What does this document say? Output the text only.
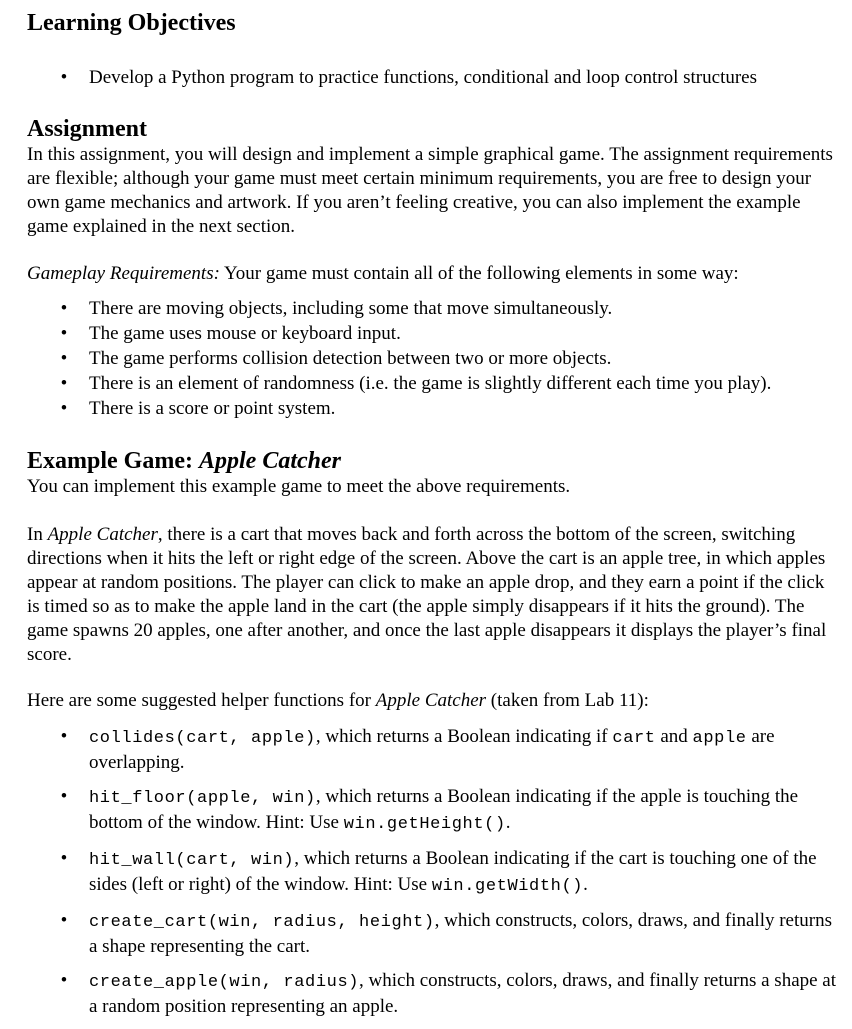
Learning Objectives
• Develop a Python program to practice functions, conditional and loop control structures
Assignment

In this assignment, you will design and implement a simple graphical game. The assignment requirements are flexible; although your game must meet certain minimum requirements, you are free to design your own game mechanics and artwork. If you aren’t feeling creative, you can also implement the example game explained in the next section.

Gameplay Requirements: Your game must contain all of the following elements in some way:

• There are moving objects, including some that move simultaneously.
• The game uses mouse or keyboard input.
• The game performs collision detection between two or more objects.
• There is an element of randomness (i.e. the game is slightly different each time you play).
• There is a score or point system.
Example Game: Apple Catcher

You can implement this example game to meet the above requirements.

In Apple Catcher, there is a cart that moves back and forth across the bottom of the screen, switching directions when it hits the left or right edge of the screen. Above the cart is an apple tree, in which apples appear at random positions. The player can click to make an apple drop, and they earn a point if the click is timed so as to make the apple land in the cart (the apple simply disappears if it hits the ground). The game spawns 20 apples, one after another, and once the last apple disappears it displays the player’s final score.

Here are some suggested helper functions for Apple Catcher (taken from Lab 11):

• collides(cart, apple), which returns a Boolean indicating if cart and apple are overlapping.
• hit_floor(apple, win), which returns a Boolean indicating if the apple is touching the bottom of the window. Hint: Use win.getHeight().
• hit_wall(cart, win), which returns a Boolean indicating if the cart is touching one of the sides (left or right) of the window. Hint: Use win.getWidth().
• create_cart(win, radius, height), which constructs, colors, draws, and finally returns a shape representing the cart.
• create_apple(win, radius), which constructs, colors, draws, and finally returns a shape at a random position representing an apple.
